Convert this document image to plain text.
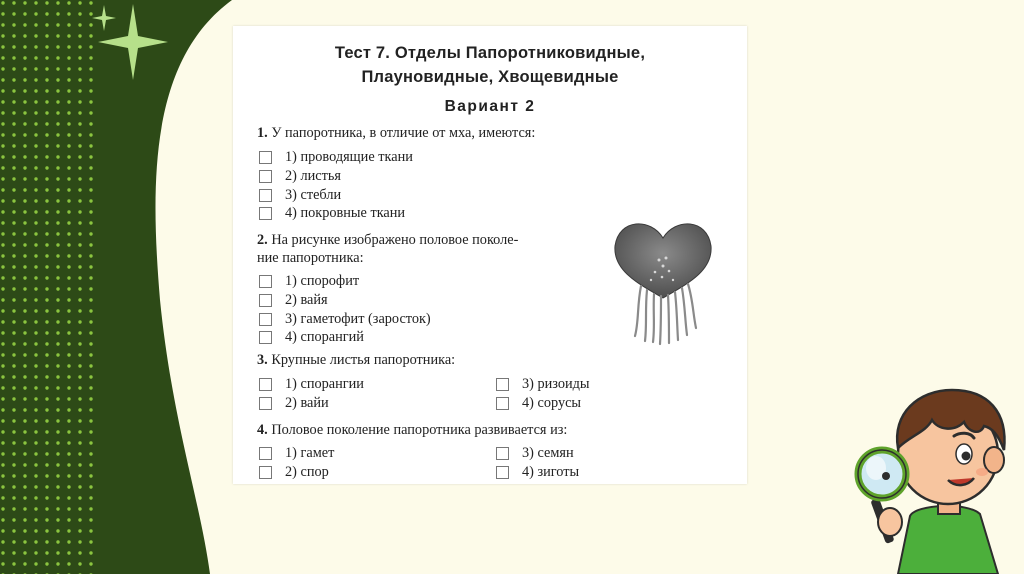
Тест 7. Отделы Папоротниковидные,
Плауновидные, Хвощевидные
Вариант 2
1. У папоротника, в отличие от мха, имеются:
1) проводящие ткани
2) листья
3) стебли
4) покровные ткани
2. На рисунке изображено половое поколе-
ние папоротника:
1) спорофит
2) вайя
3) гаметофит (заросток)
4) спорангий
3. Крупные листья папоротника:
1) спорангии
2) вайи
3) ризоиды
4) сорусы
4. Половое поколение папоротника развивается из:
1) гамет
2) спор
3) семян
4) зиготы
